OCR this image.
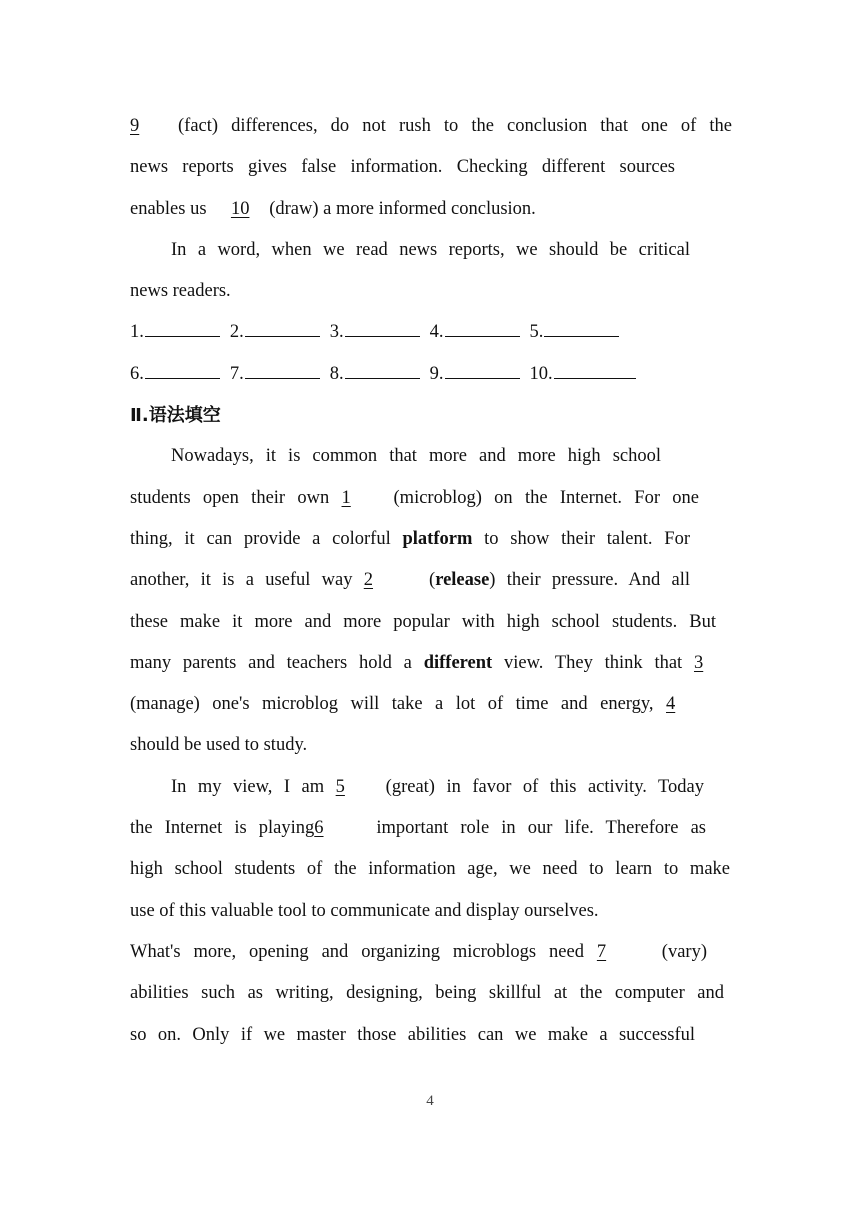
9 (fact) differences, do not rush to the conclusion that one of the
news reports gives false information. Checking different sources
enables us 10 (draw) a more informed conclusion.
In a word, when we read news reports, we should be critical
news readers.
1.	2.	3.	4.	5.
6.	7.	8.	9.	10.
Ⅱ.语法填空
Nowadays, it is common that more and more high school
students open their own 1 (microblog) on the Internet. For one
thing, it can provide a colorful platform to show their talent. For
another, it is a useful way 2 (release) their pressure. And all
these make it more and more popular with high school students. But
many parents and teachers hold a different view. They think that 3
(manage) one's microblog will take a lot of time and energy, 4
should be used to study.
In my view, I am 5 (great) in favor of this activity. Today
the Internet is playing6 important role in our life. Therefore as
high school students of the information age, we need to learn to make
use of this valuable tool to communicate and display ourselves.
What's more, opening and organizing microblogs need 7 (vary)
abilities such as writing, designing, being skillful at the computer and
so on. Only if we master those abilities can we make a successful
4
